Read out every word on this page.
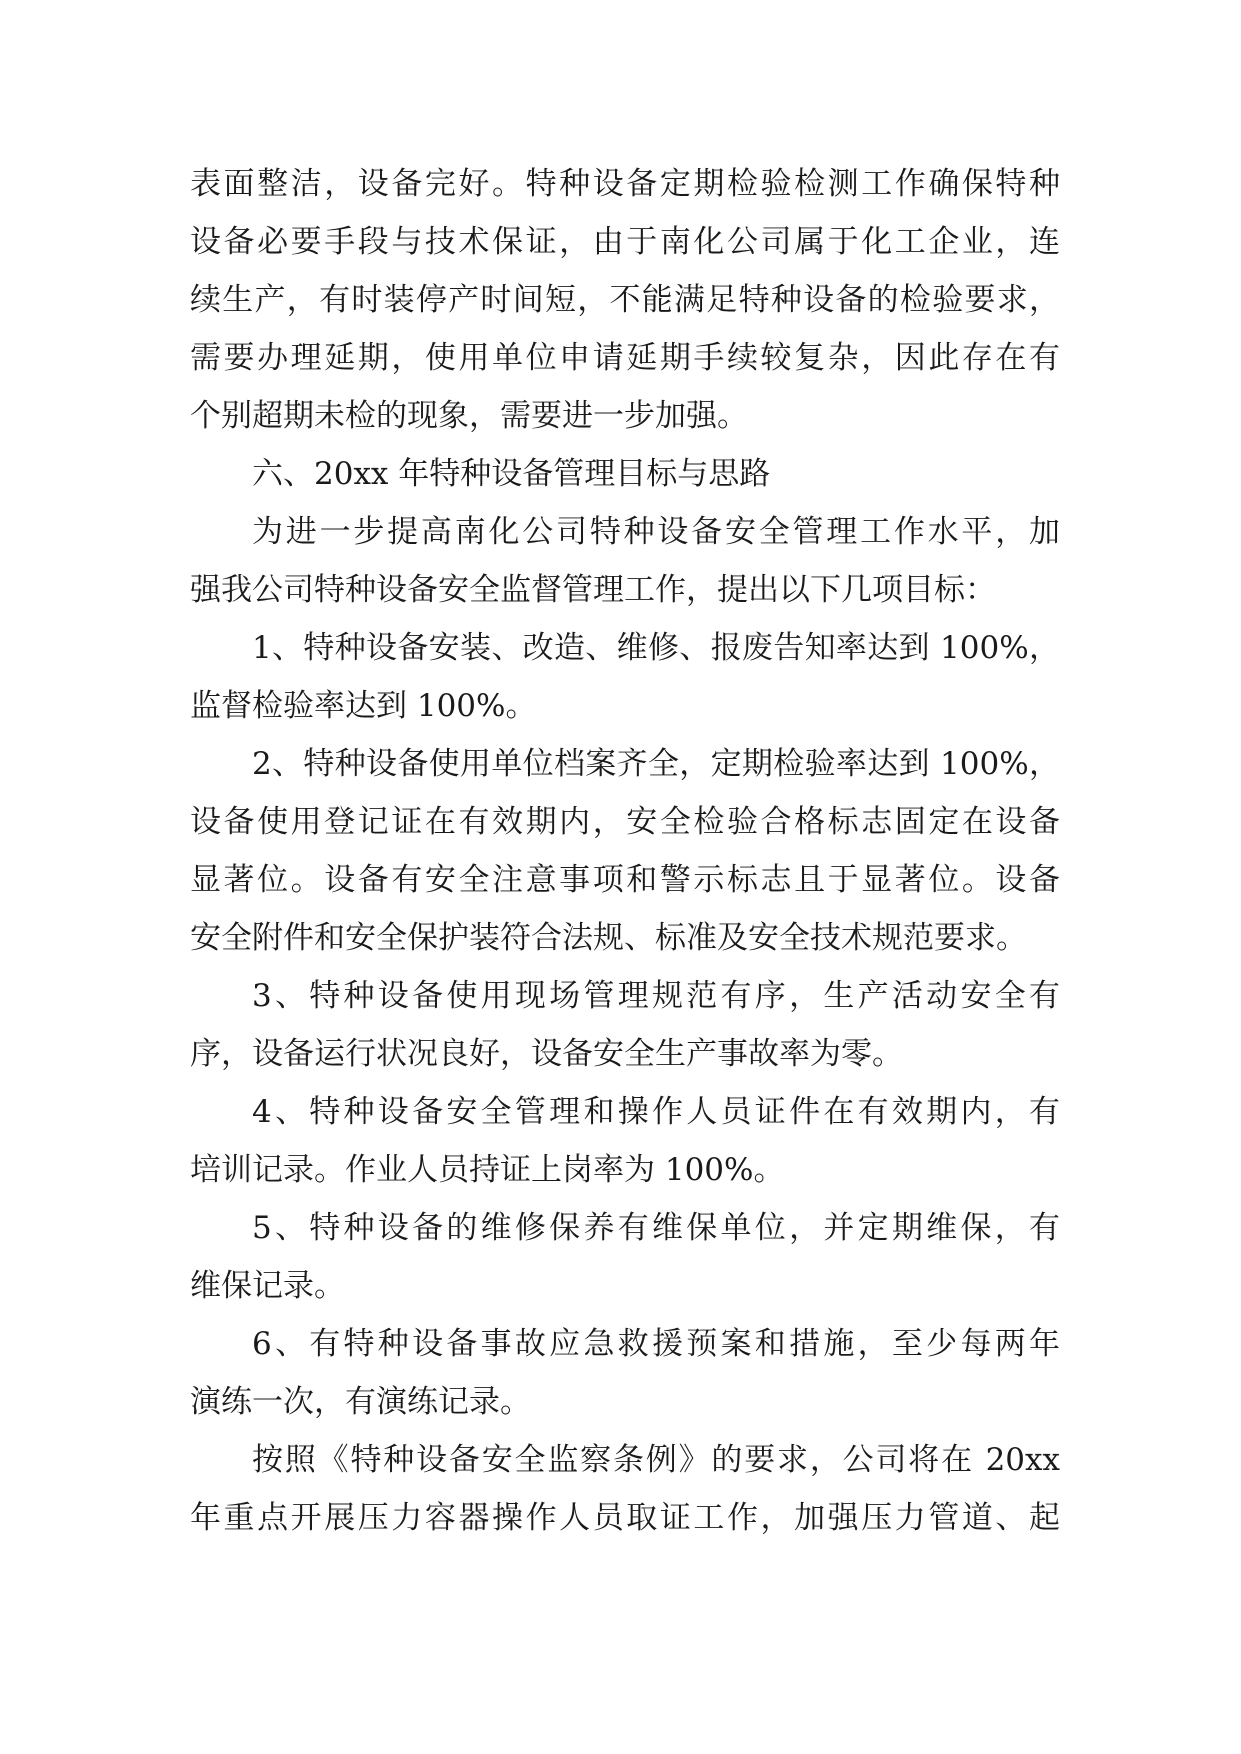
表面整洁，设备完好。特种设备定期检验检测工作确保特种
设备必要手段与技术保证，由于南化公司属于化工企业，连
续生产，有时装停产时间短，不能满足特种设备的检验要求，
需要办理延期，使用单位申请延期手续较复杂，因此存在有
个别超期未检的现象，需要进一步加强。
六、20xx 年特种设备管理目标与思路
为进一步提高南化公司特种设备安全管理工作水平，加
强我公司特种设备安全监督管理工作，提出以下几项目标：
1、特种设备安装、改造、维修、报废告知率达到 100%，
监督检验率达到 100%。
2、特种设备使用单位档案齐全，定期检验率达到 100%，
设备使用登记证在有效期内，安全检验合格标志固定在设备
显著位。设备有安全注意事项和警示标志且于显著位。设备
安全附件和安全保护装符合法规、标准及安全技术规范要求。
3、特种设备使用现场管理规范有序，生产活动安全有
序，设备运行状况良好，设备安全生产事故率为零。
4、特种设备安全管理和操作人员证件在有效期内，有
培训记录。作业人员持证上岗率为 100%。
5、特种设备的维修保养有维保单位，并定期维保，有
维保记录。
6、有特种设备事故应急救援预案和措施，至少每两年
演练一次，有演练记录。
按照《特种设备安全监察条例》的要求，公司将在 20xx
年重点开展压力容器操作人员取证工作，加强压力管道、起
